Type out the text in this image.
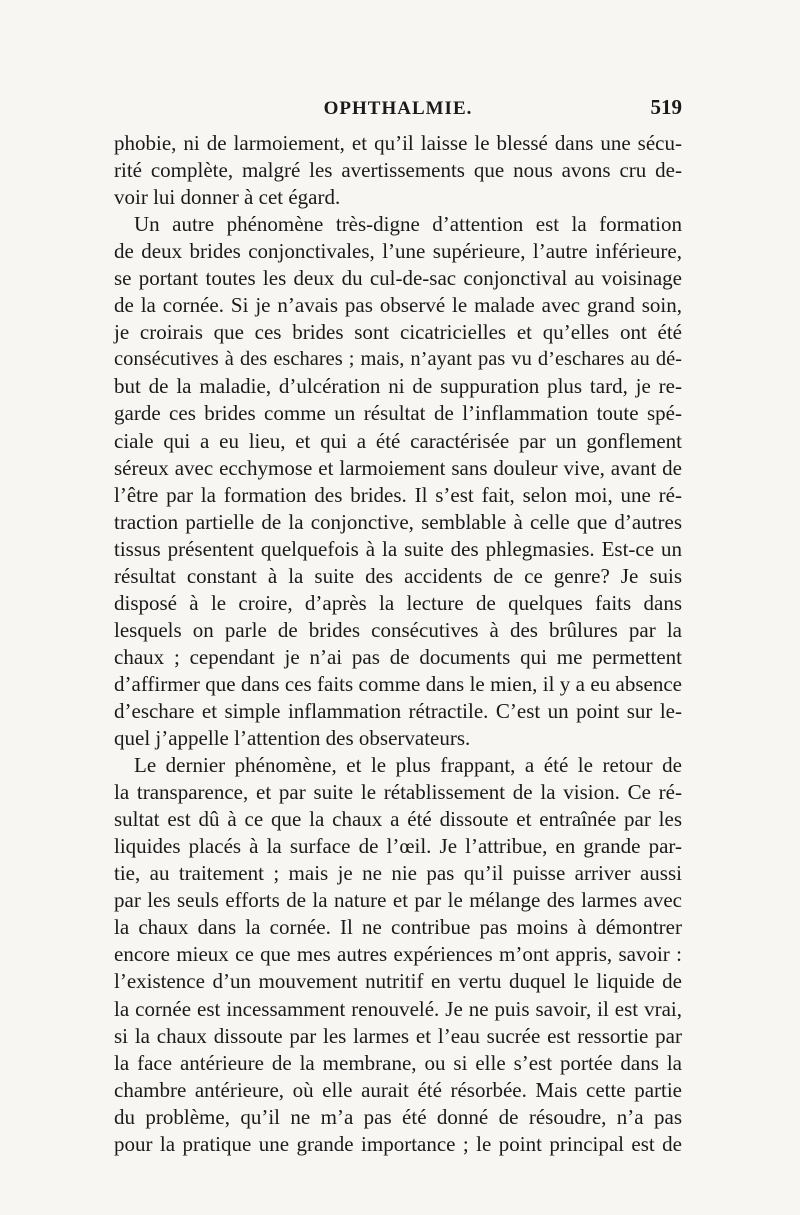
OPHTHALMIE.	519
phobie, ni de larmoiement, et qu’il laisse le blessé dans une sécu-
rité complète, malgré les avertissements que nous avons cru de-
voir lui donner à cet égard.
Un autre phénomène très-digne d’attention est la formation
de deux brides conjonctivales, l’une supérieure, l’autre inférieure,
se portant toutes les deux du cul-de-sac conjonctival au voisinage
de la cornée. Si je n’avais pas observé le malade avec grand soin,
je croirais que ces brides sont cicatricielles et qu’elles ont été
consécutives à des eschares ; mais, n’ayant pas vu d’eschares au dé-
but de la maladie, d’ulcération ni de suppuration plus tard, je re-
garde ces brides comme un résultat de l’inflammation toute spé-
ciale qui a eu lieu, et qui a été caractérisée par un gonflement
séreux avec ecchymose et larmoiement sans douleur vive, avant de
l’être par la formation des brides. Il s’est fait, selon moi, une ré-
traction partielle de la conjonctive, semblable à celle que d’autres
tissus présentent quelquefois à la suite des phlegmasies. Est-ce un
résultat constant à la suite des accidents de ce genre? Je suis
disposé à le croire, d’après la lecture de quelques faits dans
lesquels on parle de brides consécutives à des brûlures par la
chaux ; cependant je n’ai pas de documents qui me permettent
d’affirmer que dans ces faits comme dans le mien, il y a eu absence
d’eschare et simple inflammation rétractile. C’est un point sur le-
quel j’appelle l’attention des observateurs.
Le dernier phénomène, et le plus frappant, a été le retour de
la transparence, et par suite le rétablissement de la vision. Ce ré-
sultat est dû à ce que la chaux a été dissoute et entraînée par les
liquides placés à la surface de l’œil. Je l’attribue, en grande par-
tie, au traitement ; mais je ne nie pas qu’il puisse arriver aussi
par les seuls efforts de la nature et par le mélange des larmes avec
la chaux dans la cornée. Il ne contribue pas moins à démontrer
encore mieux ce que mes autres expériences m’ont appris, savoir :
l’existence d’un mouvement nutritif en vertu duquel le liquide de
la cornée est incessamment renouvelé. Je ne puis savoir, il est vrai,
si la chaux dissoute par les larmes et l’eau sucrée est ressortie par
la face antérieure de la membrane, ou si elle s’est portée dans la
chambre antérieure, où elle aurait été résorbée. Mais cette partie
du problème, qu’il ne m’a pas été donné de résoudre, n’a pas
pour la pratique une grande importance ; le point principal est de
